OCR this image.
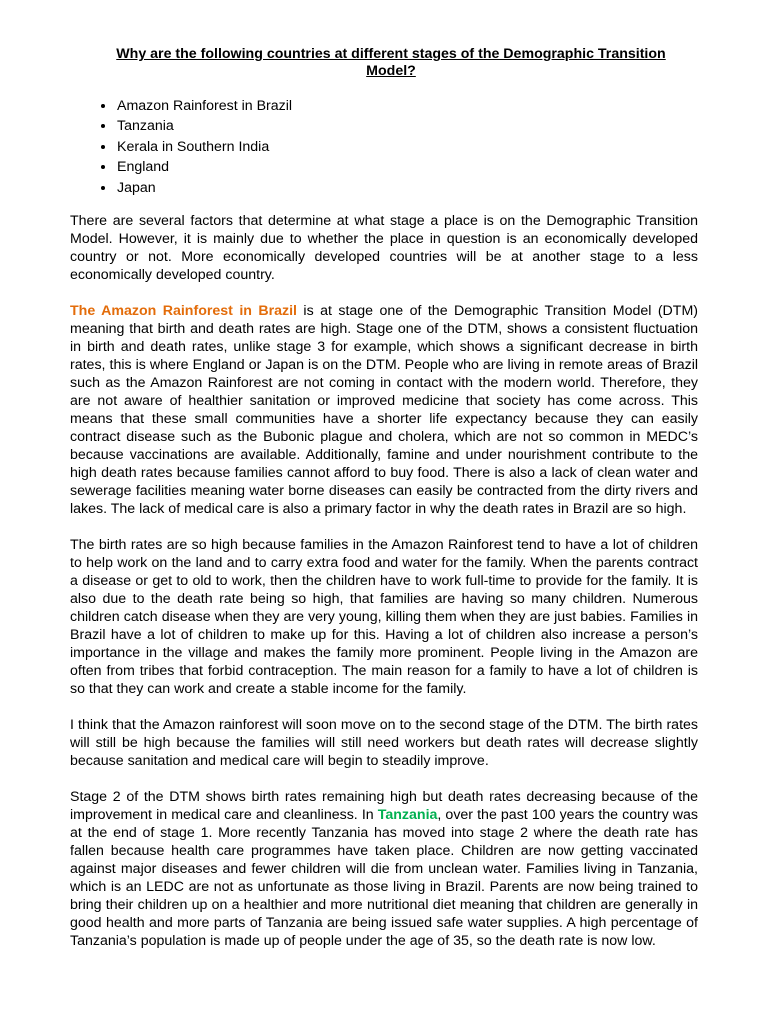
Why are the following countries at different stages of the Demographic Transition
Model?
• Amazon Rainforest in Brazil
• Tanzania
• Kerala in Southern India
• England
• Japan

There are several factors that determine at what stage a place is on the Demographic Transition Model. However, it is mainly due to whether the place in question is an economically developed country or not. More economically developed countries will be at another stage to a less economically developed country.

The Amazon Rainforest in Brazil is at stage one of the Demographic Transition Model (DTM) meaning that birth and death rates are high. Stage one of the DTM, shows a consistent fluctuation in birth and death rates, unlike stage 3 for example, which shows a significant decrease in birth rates, this is where England or Japan is on the DTM. People who are living in remote areas of Brazil such as the Amazon Rainforest are not coming in contact with the modern world. Therefore, they are not aware of healthier sanitation or improved medicine that society has come across. This means that these small communities have a shorter life expectancy because they can easily contract disease such as the Bubonic plague and cholera, which are not so common in MEDC’s because vaccinations are available. Additionally, famine and under nourishment contribute to the high death rates because families cannot afford to buy food. There is also a lack of clean water and sewerage facilities meaning water borne diseases can easily be contracted from the dirty rivers and lakes. The lack of medical care is also a primary factor in why the death rates in Brazil are so high.

The birth rates are so high because families in the Amazon Rainforest tend to have a lot of children to help work on the land and to carry extra food and water for the family. When the parents contract a disease or get to old to work, then the children have to work full-time to provide for the family. It is also due to the death rate being so high, that families are having so many children. Numerous children catch disease when they are very young, killing them when they are just babies. Families in Brazil have a lot of children to make up for this. Having a lot of children also increase a person’s importance in the village and makes the family more prominent. People living in the Amazon are often from tribes that forbid contraception. The main reason for a family to have a lot of children is so that they can work and create a stable income for the family.

I think that the Amazon rainforest will soon move on to the second stage of the DTM. The birth rates will still be high because the families will still need workers but death rates will decrease slightly because sanitation and medical care will begin to steadily improve.

Stage 2 of the DTM shows birth rates remaining high but death rates decreasing because of the improvement in medical care and cleanliness. In Tanzania, over the past 100 years the country was at the end of stage 1. More recently Tanzania has moved into stage 2 where the death rate has fallen because health care programmes have taken place. Children are now getting vaccinated against major diseases and fewer children will die from unclean water. Families living in Tanzania, which is an LEDC are not as unfortunate as those living in Brazil. Parents are now being trained to bring their children up on a healthier and more nutritional diet meaning that children are generally in good health and more parts of Tanzania are being issued safe water supplies. A high percentage of Tanzania’s population is made up of people under the age of 35, so the death rate is now low.
